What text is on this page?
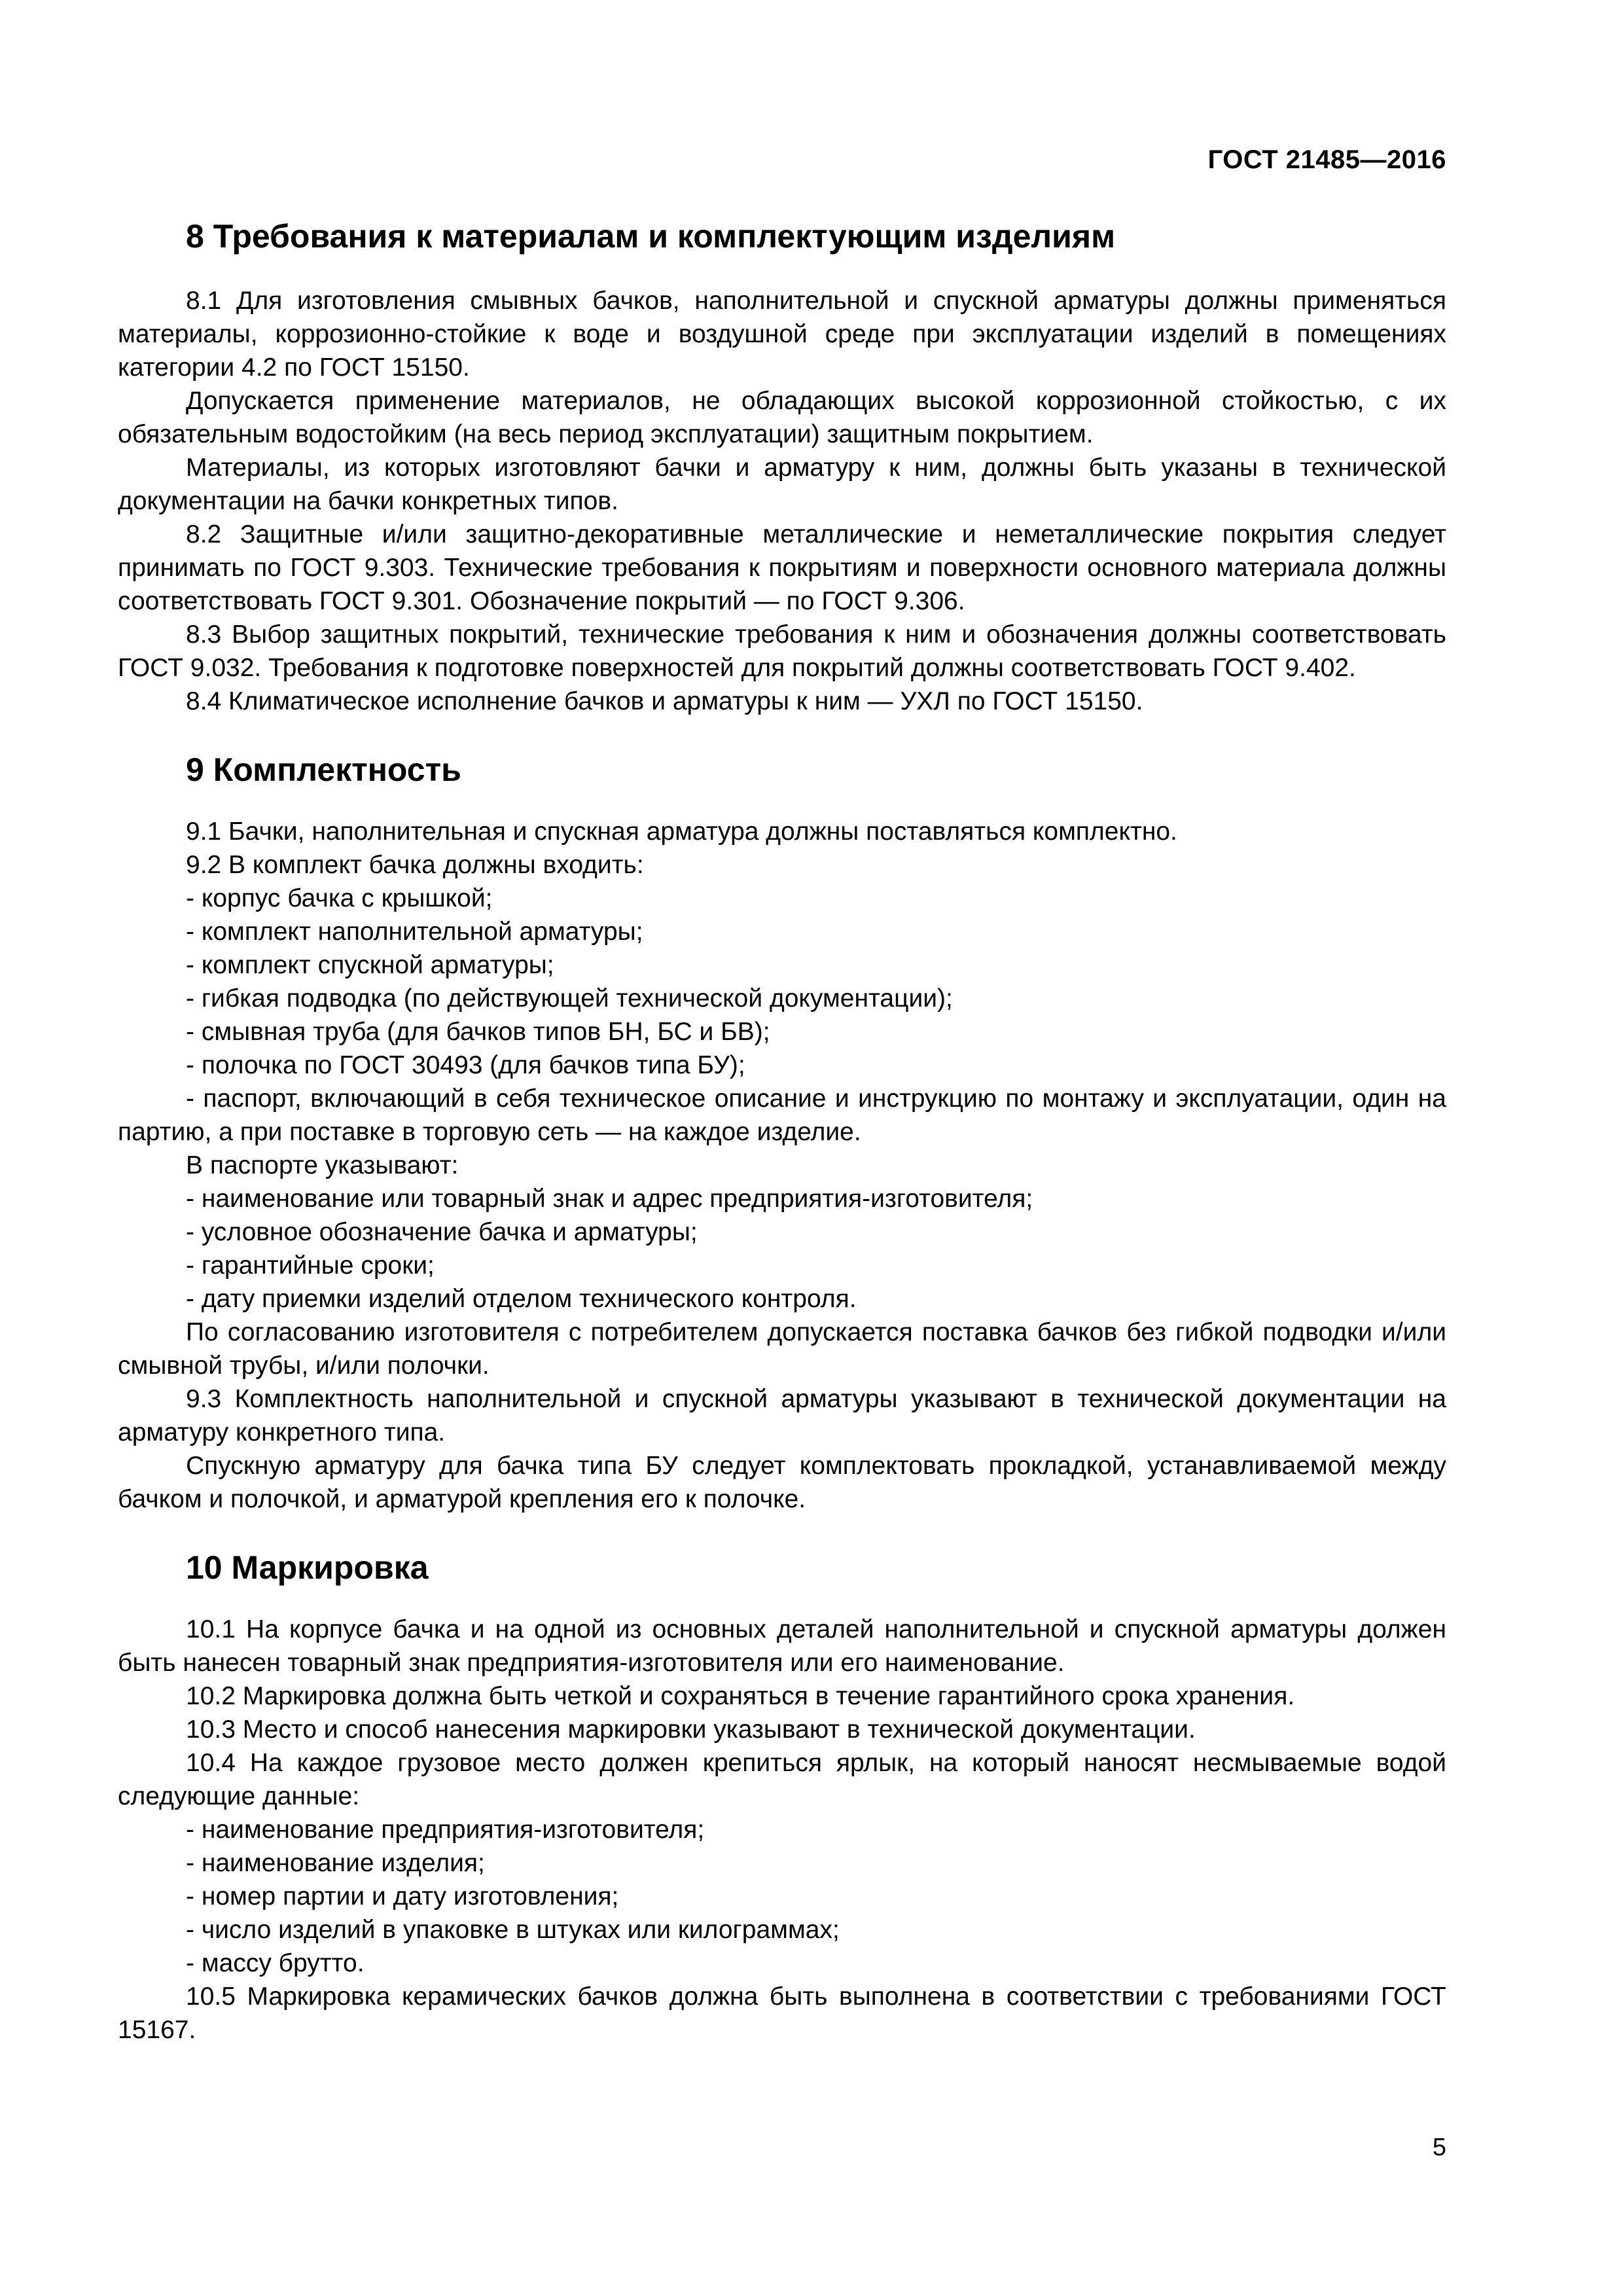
ГОСТ 21485—2016
8 Требования к материалам и комплектующим изделиям

8.1 Для изготовления смывных бачков, наполнительной и спускной арматуры должны применяться материалы, коррозионно-стойкие к воде и воздушной среде при эксплуатации изделий в помещениях категории 4.2 по ГОСТ 15150.

Допускается применение материалов, не обладающих высокой коррозионной стойкостью, с их обязательным водостойким (на весь период эксплуатации) защитным покрытием.

Материалы, из которых изготовляют бачки и арматуру к ним, должны быть указаны в технической документации на бачки конкретных типов.

8.2 Защитные и/или защитно-декоративные металлические и неметаллические покрытия следует принимать по ГОСТ 9.303. Технические требования к покрытиям и поверхности основного материала должны соответствовать ГОСТ 9.301. Обозначение покрытий — по ГОСТ 9.306.

8.3 Выбор защитных покрытий, технические требования к ним и обозначения должны соответствовать ГОСТ 9.032. Требования к подготовке поверхностей для покрытий должны соответствовать ГОСТ 9.402.

8.4 Климатическое исполнение бачков и арматуры к ним — УХЛ по ГОСТ 15150.

9 Комплектность

9.1 Бачки, наполнительная и спускная арматура должны поставляться комплектно.

9.2 В комплект бачка должны входить:

- корпус бачка с крышкой;

- комплект наполнительной арматуры;

- комплект спускной арматуры;

- гибкая подводка (по действующей технической документации);

- смывная труба (для бачков типов БН, БС и БВ);

- полочка по ГОСТ 30493 (для бачков типа БУ);

- паспорт, включающий в себя техническое описание и инструкцию по монтажу и эксплуатации, один на партию, а при поставке в торговую сеть — на каждое изделие.

В паспорте указывают:

- наименование или товарный знак и адрес предприятия-изготовителя;

- условное обозначение бачка и арматуры;

- гарантийные сроки;

- дату приемки изделий отделом технического контроля.

По согласованию изготовителя с потребителем допускается поставка бачков без гибкой подводки и/или смывной трубы, и/или полочки.

9.3 Комплектность наполнительной и спускной арматуры указывают в технической документации на арматуру конкретного типа.

Спускную арматуру для бачка типа БУ следует комплектовать прокладкой, устанавливаемой между бачком и полочкой, и арматурой крепления его к полочке.

10 Маркировка

10.1 На корпусе бачка и на одной из основных деталей наполнительной и спускной арматуры должен быть нанесен товарный знак предприятия-изготовителя или его наименование.

10.2 Маркировка должна быть четкой и сохраняться в течение гарантийного срока хранения.

10.3 Место и способ нанесения маркировки указывают в технической документации.

10.4 На каждое грузовое место должен крепиться ярлык, на который наносят несмываемые водой следующие данные:

- наименование предприятия-изготовителя;

- наименование изделия;

- номер партии и дату изготовления;

- число изделий в упаковке в штуках или килограммах;

- массу брутто.

10.5 Маркировка керамических бачков должна быть выполнена в соответствии с требованиями ГОСТ 15167.

5
